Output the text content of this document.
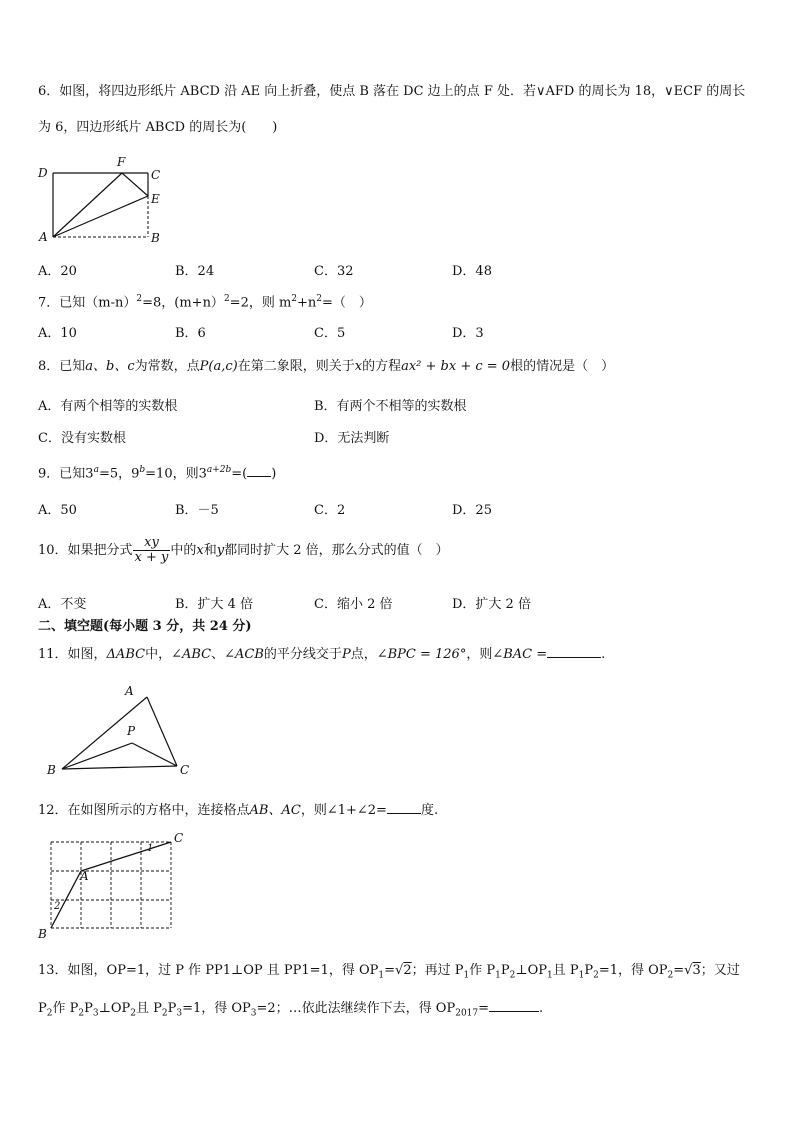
6．如图，将四边形纸片 ABCD 沿 AE 向上折叠，使点 B 落在 DC 边上的点 F 处．若∨AFD 的周长为 18，∨ECF 的周长
为 6，四边形纸片 ABCD 的周长为(　　)
D
F
C
E
A	B
A．20	B．24	C．32	D．48
7．已知$(m-n)^2=8$，(m+n）$^2$=2，则 $m^2+n^2=$（　）
A．10	B．6	C．5	D．3
8．已知a、b、c为常数，点P(a,c)在第二象限，则关于x的方程ax² + bx + c = 0根的情况是（　）
A．有两个相等的实数根	B．有两个不相等的实数根
C．没有实数根	D．无法判断
9．已知$3^a=5$，$9^b=10$，则$3^{a+2b}=$( )
A．50	B．－5	C．2	D．25
10．如果把分式 $\frac{xy}{x + y}$ 中的x和y都同时扩大 2 倍，那么分式的值（　）
A．不变	B．扩大 4 倍	C．缩小 2 倍	D．扩大 2 倍
二、填空题(每小题 3 分，共 24 分)
11．如图，ΔABC中，∠ABC、∠ACB的平分线交于P点，∠BPC = 126°，则∠BAC =	.
A
P
B	C
12．在如图所示的方格中，连接格点AB、AC，则∠1+∠2=	度.
A
B
C
1
2
13．如图，OP=1，过 P 作 PP1⊥OP 且 PP1=1，得 $OP_1=√2$；再过 $P_1$作 $P_1P_2\perp OP_1$且 $P_1P_2=1$，得 $OP_2=√3$；又过
$P_2$作 $P_2P_3\perp OP_2$且 $P_2P_3=1$，得 $OP_3=2$；…依此法继续作下去，得 $OP_{2017}=$	.
